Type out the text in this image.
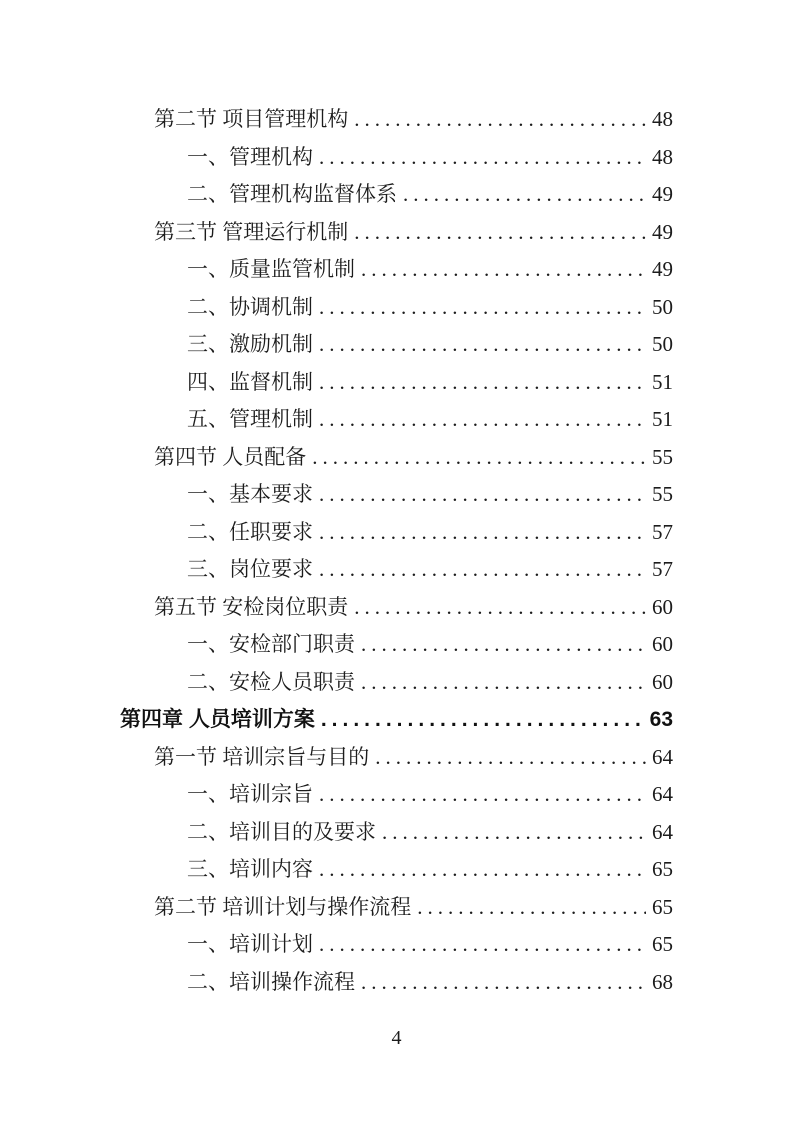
第二节 项目管理机构 .....	48
一、管理机构 .....	48
二、管理机构监督体系 .....	49
第三节 管理运行机制 .....	49
一、质量监管机制 .....	49
二、协调机制 .....	50
三、激励机制 .....	50
四、监督机制 .....	51
五、管理机制 .....	51
第四节 人员配备 .....	55
一、基本要求 .....	55
二、任职要求 .....	57
三、岗位要求 .....	57
第五节 安检岗位职责 .....	60
一、安检部门职责 .....	60
二、安检人员职责 .....	60
第四章 人员培训方案 .....	63
第一节 培训宗旨与目的 .....	64
一、培训宗旨 .....	64
二、培训目的及要求 .....	64
三、培训内容 .....	65
第二节 培训计划与操作流程 .....	65
一、培训计划 .....	65
二、培训操作流程 .....	68
4
